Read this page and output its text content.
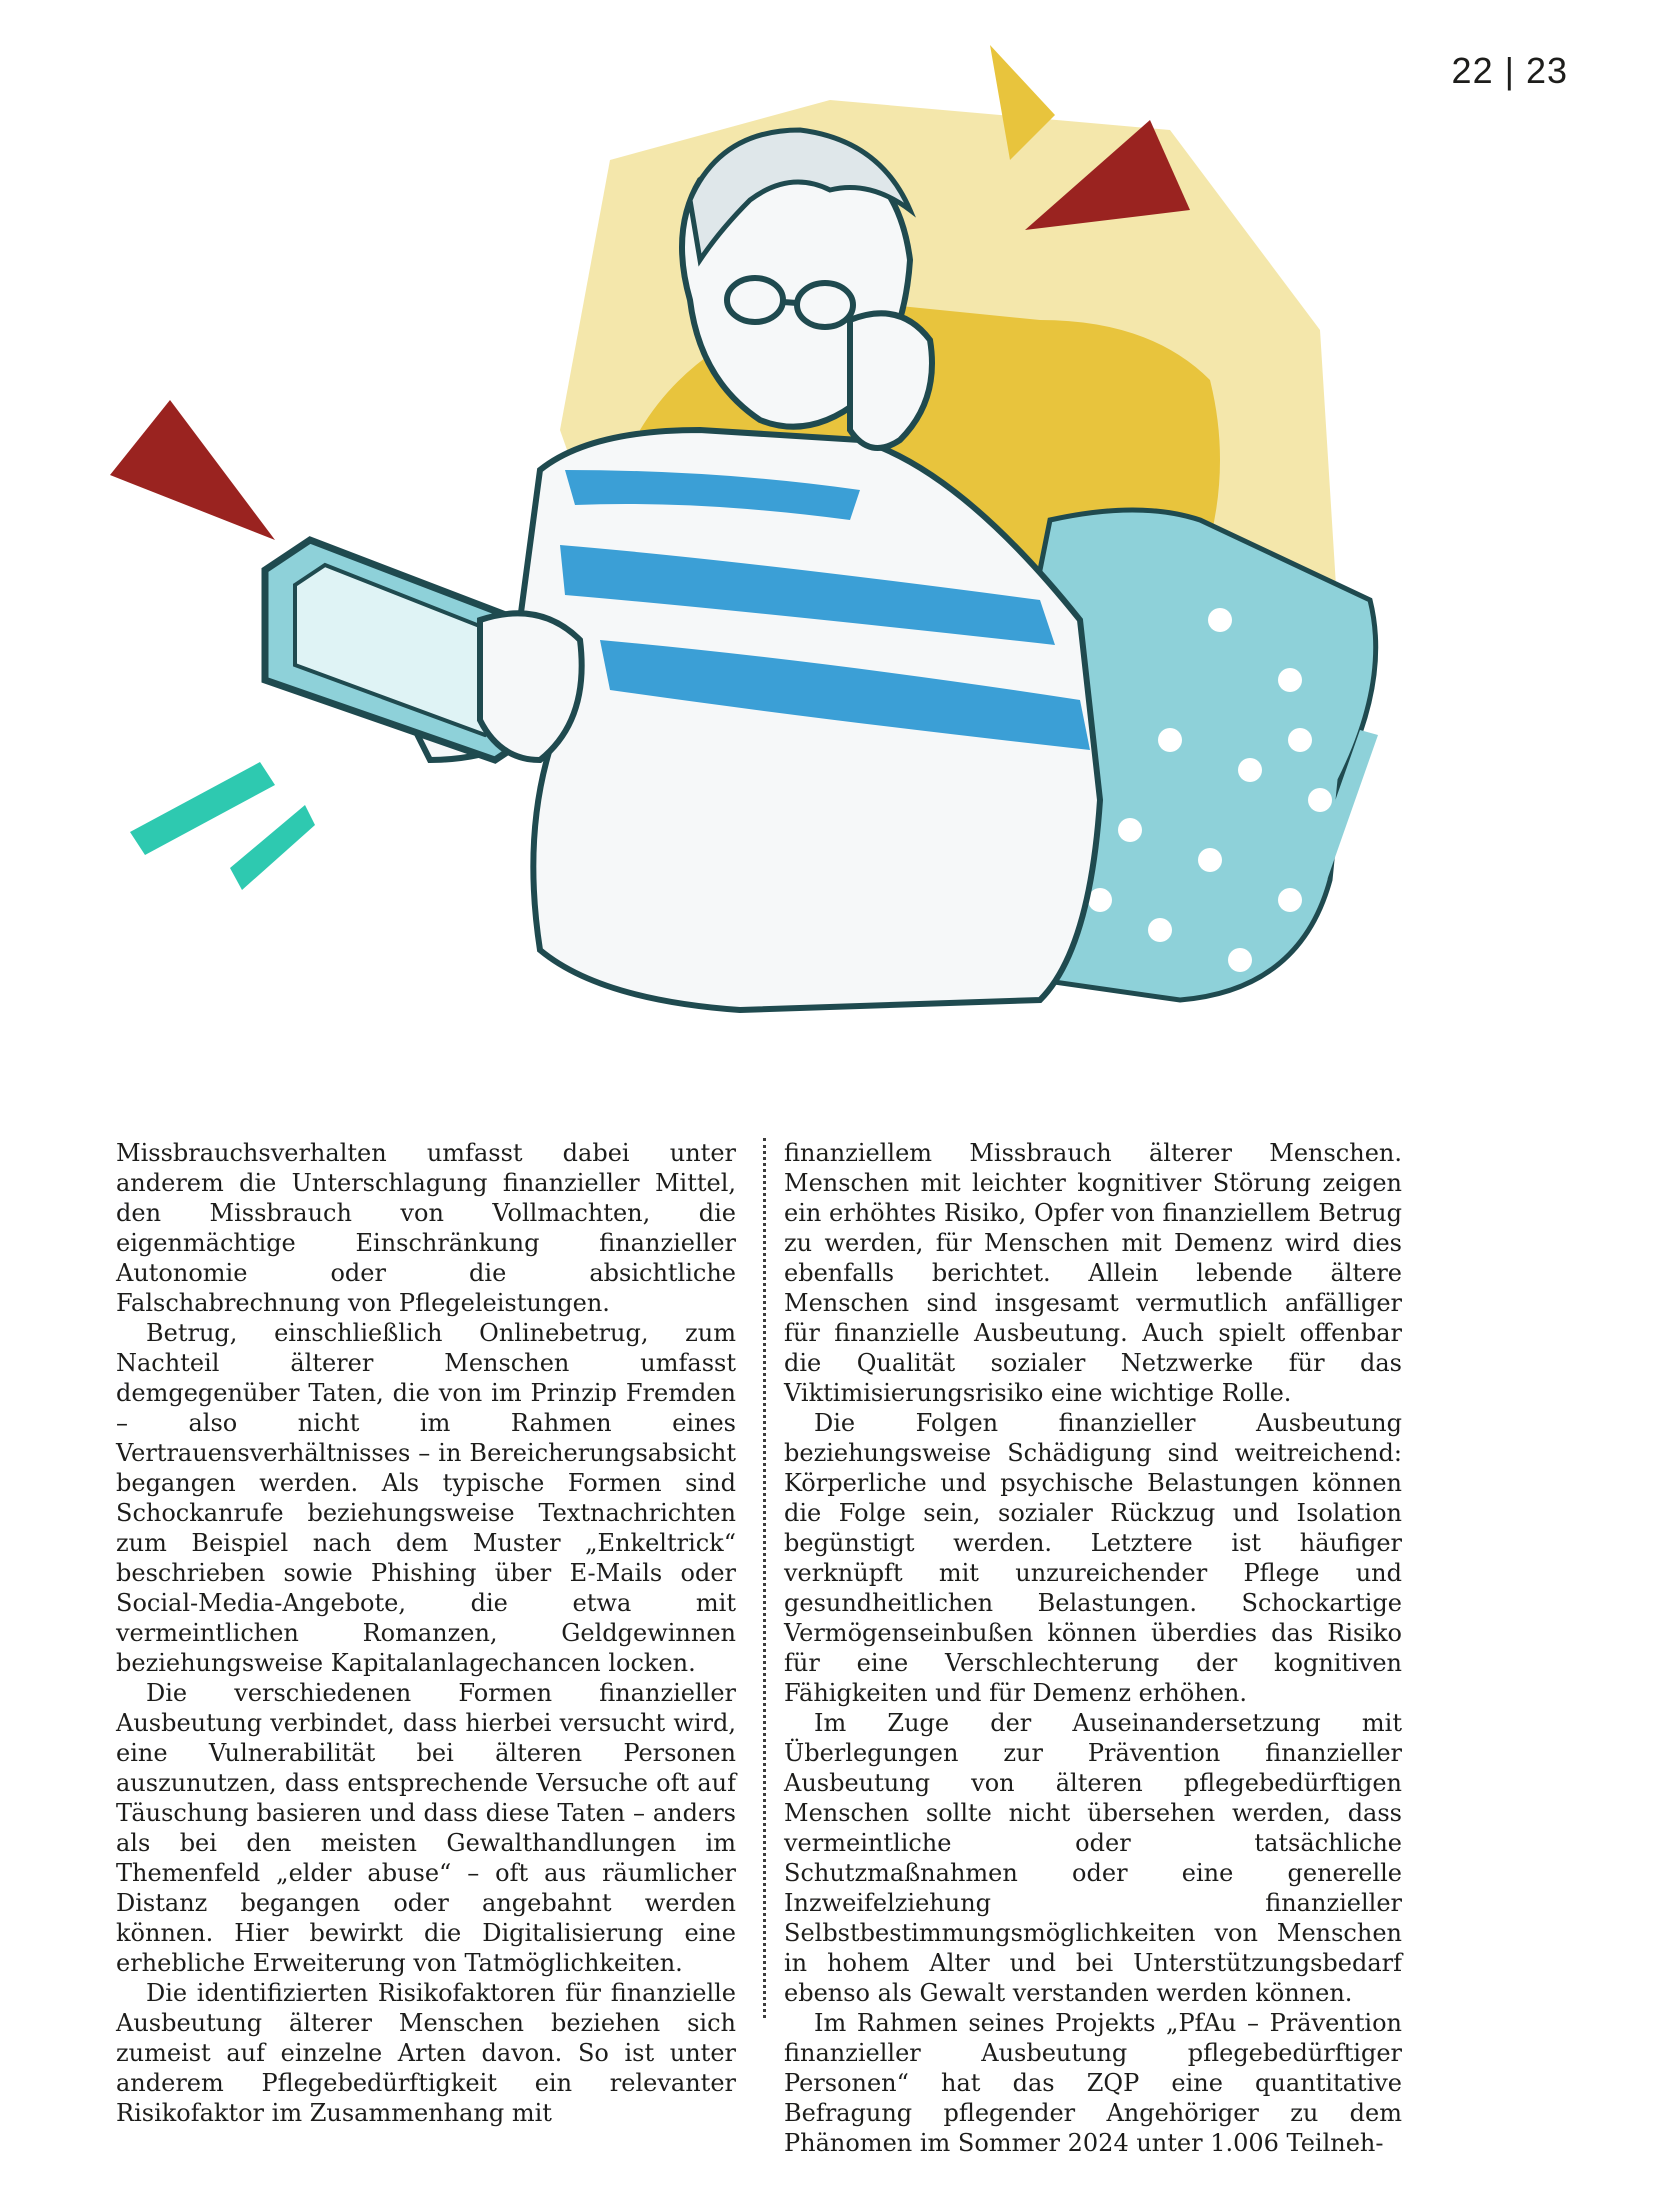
22 | 23

Missbrauchsverhalten umfasst dabei unter anderem die Unterschlagung finanzieller Mittel, den Missbrauch von Vollmachten, die eigenmächtige Einschränkung finanzieller Autonomie oder die absichtliche Falschabrechnung von Pflegeleistungen.

Betrug, einschließlich Onlinebetrug, zum Nachteil älterer Menschen umfasst demgegenüber Taten, die von im Prinzip Fremden – also nicht im Rahmen eines Vertrauensverhältnisses – in Bereicherungsabsicht begangen werden. Als typische Formen sind Schockanrufe beziehungsweise Textnachrichten zum Beispiel nach dem Muster „Enkeltrick“ beschrieben sowie Phishing über E-Mails oder Social-Media-Angebote, die etwa mit vermeintlichen Romanzen, Geldgewinnen beziehungsweise Kapitalanlagechancen locken.

Die verschiedenen Formen finanzieller Ausbeutung verbindet, dass hierbei versucht wird, eine Vulnerabilität bei älteren Personen auszunutzen, dass entsprechende Versuche oft auf Täuschung basieren und dass diese Taten – anders als bei den meisten Gewalthandlungen im Themenfeld „elder abuse“ – oft aus räumlicher Distanz begangen oder angebahnt werden können. Hier bewirkt die Digitalisierung eine erhebliche Erweiterung von Tatmöglichkeiten.

Die identifizierten Risikofaktoren für finanzielle Ausbeutung älterer Menschen beziehen sich zumeist auf einzelne Arten davon. So ist unter anderem Pflegebedürftigkeit ein relevanter Risikofaktor im Zusammenhang mit

finanziellem Missbrauch älterer Menschen. Menschen mit leichter kognitiver Störung zeigen ein erhöhtes Risiko, Opfer von finanziellem Betrug zu werden, für Menschen mit Demenz wird dies ebenfalls berichtet. Allein lebende ältere Menschen sind insgesamt vermutlich anfälliger für finanzielle Ausbeutung. Auch spielt offenbar die Qualität sozialer Netzwerke für das Viktimisierungsrisiko eine wichtige Rolle.

Die Folgen finanzieller Ausbeutung beziehungsweise Schädigung sind weitreichend: Körperliche und psychische Belastungen können die Folge sein, sozialer Rückzug und Isolation begünstigt werden. Letztere ist häufiger verknüpft mit unzureichender Pflege und gesundheitlichen Belastungen. Schockartige Vermögenseinbußen können überdies das Risiko für eine Verschlechterung der kognitiven Fähigkeiten und für Demenz erhöhen.

Im Zuge der Auseinandersetzung mit Überlegungen zur Prävention finanzieller Ausbeutung von älteren pflegebedürftigen Menschen sollte nicht übersehen werden, dass vermeintliche oder tatsächliche Schutzmaßnahmen oder eine generelle Inzweifelziehung finanzieller Selbstbestimmungsmöglichkeiten von Menschen in hohem Alter und bei Unterstützungsbedarf ebenso als Gewalt verstanden werden können.

Im Rahmen seines Projekts „PfAu – Prävention finanzieller Ausbeutung pflegebedürftiger Personen“ hat das ZQP eine quantitative Befragung pflegender Angehöriger zu dem Phänomen im Sommer 2024 unter 1.006 Teilneh-
